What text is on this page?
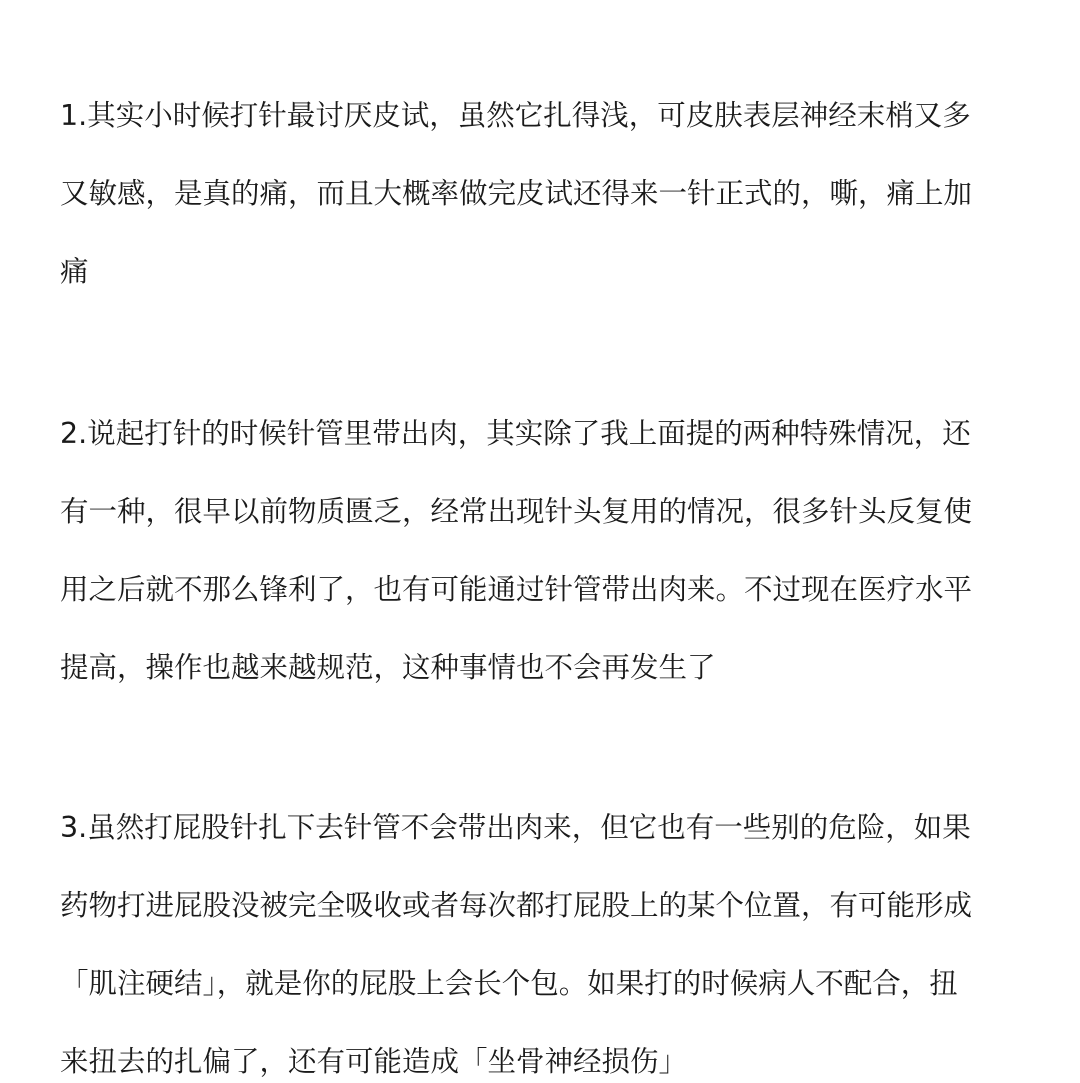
1.其实小时候打针最讨厌皮试，虽然它扎得浅，可皮肤表层神经末梢又多
又敏感，是真的痛，而且大概率做完皮试还得来一针正式的，嘶，痛上加
痛
2.说起打针的时候针管里带出肉，其实除了我上面提的两种特殊情况，还
有一种，很早以前物质匮乏，经常出现针头复用的情况，很多针头反复使
用之后就不那么锋利了，也有可能通过针管带出肉来。不过现在医疗水平
提高，操作也越来越规范，这种事情也不会再发生了
3.虽然打屁股针扎下去针管不会带出肉来，但它也有一些别的危险，如果
药物打进屁股没被完全吸收或者每次都打屁股上的某个位置，有可能形成
「肌注硬结」，就是你的屁股上会长个包。如果打的时候病人不配合，扭
来扭去的扎偏了，还有可能造成「坐骨神经损伤」
